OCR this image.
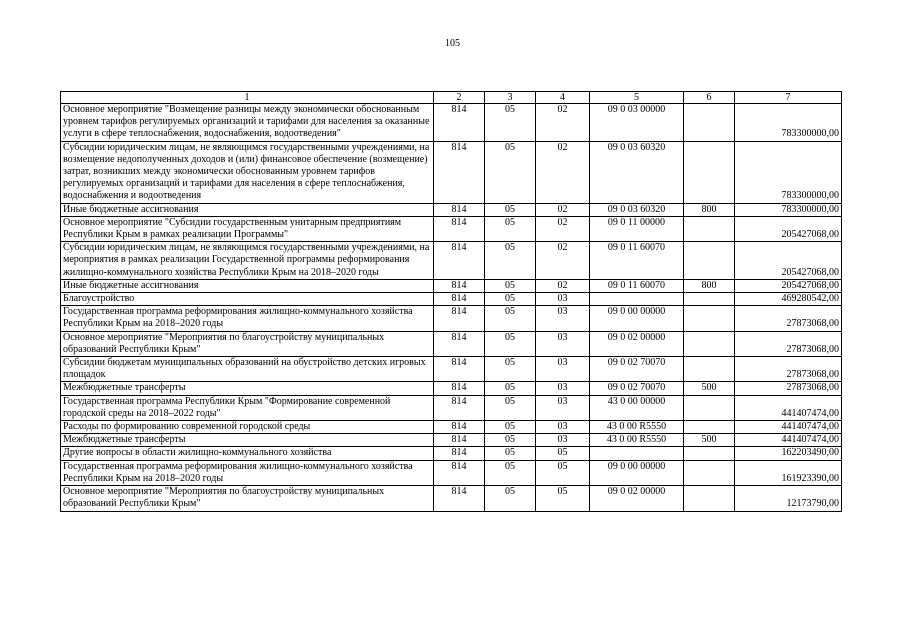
105
1	2	3	4	5	6	7
Основное мероприятие "Возмещение разницы между экономически обоснованным уровнем тарифов регулируемых организаций и тарифами для населения за оказанные услуги в сфере теплоснабжения, водоснабжения, водоотведения"	814	05	02	09 0 03 00000		783300000,00
Субсидии юридическим лицам, не являющимся государственными учреждениями, на возмещение недополученных доходов и (или) финансовое обеспечение (возмещение) затрат, возникших между экономически обоснованным уровнем тарифов регулируемых организаций и тарифами для населения в сфере теплоснабжения, водоснабжения и водоотведения	814	05	02	09 0 03 60320		783300000,00
Иные бюджетные ассигнования	814	05	02	09 0 03 60320	800	783300000,00
Основное мероприятие "Субсидии государственным унитарным предприятиям Республики Крым в рамках реализации Программы"	814	05	02	09 0 11 00000		205427068,00
Субсидии юридическим лицам, не являющимся государственными учреждениями, на мероприятия в рамках реализации Государственной программы реформирования жилищно-коммунального хозяйства Республики Крым на 2018–2020 годы	814	05	02	09 0 11 60070		205427068,00
Иные бюджетные ассигнования	814	05	02	09 0 11 60070	800	205427068,00
Благоустройство	814	05	03			469280542,00
Государственная программа реформирования жилищно-коммунального хозяйства Республики Крым на 2018–2020 годы	814	05	03	09 0 00 00000		27873068,00
Основное мероприятие "Мероприятия по благоустройству муниципальных образований Республики Крым"	814	05	03	09 0 02 00000		27873068,00
Субсидии бюджетам муниципальных образований на обустройство детских игровых площадок	814	05	03	09 0 02 70070		27873068,00
Межбюджетные трансферты	814	05	03	09 0 02 70070	500	27873068,00
Государственная программа Республики Крым "Формирование современной городской среды на 2018–2022 годы"	814	05	03	43 0 00 00000		441407474,00
Расходы по формированию современной городской среды	814	05	03	43 0 00 R5550		441407474,00
Межбюджетные трансферты	814	05	03	43 0 00 R5550	500	441407474,00
Другие вопросы в области жилищно-коммунального хозяйства	814	05	05			162203490,00
Государственная программа реформирования жилищно-коммунального хозяйства Республики Крым на 2018–2020 годы	814	05	05	09 0 00 00000		161923390,00
Основное мероприятие "Мероприятия по благоустройству муниципальных образований Республики Крым"	814	05	05	09 0 02 00000		12173790,00
